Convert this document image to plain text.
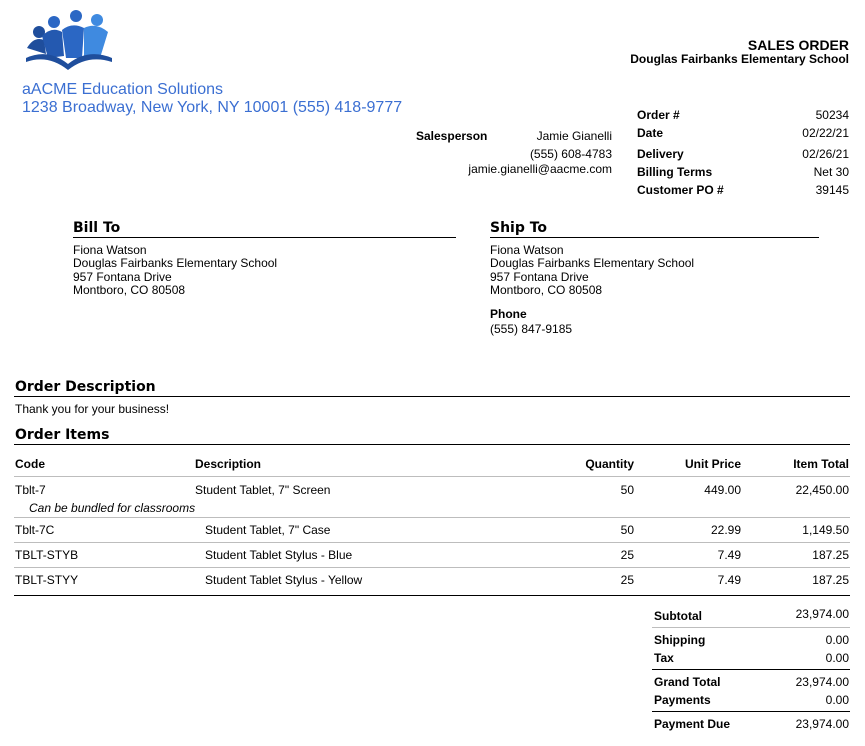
aACME Education Solutions
1238 Broadway, New York, NY 10001 (555) 418-9777
SALES ORDER
Douglas Fairbanks Elementary School
Salesperson	Jamie Gianelli
(555) 608-4783
jamie.gianelli@aacme.com
Order #	50234
Date	02/22/21
Delivery	02/26/21
Billing Terms	Net 30
Customer PO #	39145
Bill To
Fiona Watson
Douglas Fairbanks Elementary School
957 Fontana Drive
Montboro, CO 80508
Ship To
Fiona Watson
Douglas Fairbanks Elementary School
957 Fontana Drive
Montboro, CO 80508
Phone
(555) 847-9185
Order Description
Thank you for your business!
Order Items
Code	Description	Quantity	Unit Price	Item Total
Tblt-7	Student Tablet, 7" Screen	50	449.00	22,450.00
Can be bundled for classrooms
Tblt-7C	Student Tablet, 7" Case	50	22.99	1,149.50
TBLT-STYB	Student Tablet Stylus - Blue	25	7.49	187.25
TBLT-STYY	Student Tablet Stylus - Yellow	25	7.49	187.25
Subtotal	23,974.00
Shipping	0.00
Tax	0.00
Grand Total	23,974.00
Payments	0.00
Payment Due	23,974.00
